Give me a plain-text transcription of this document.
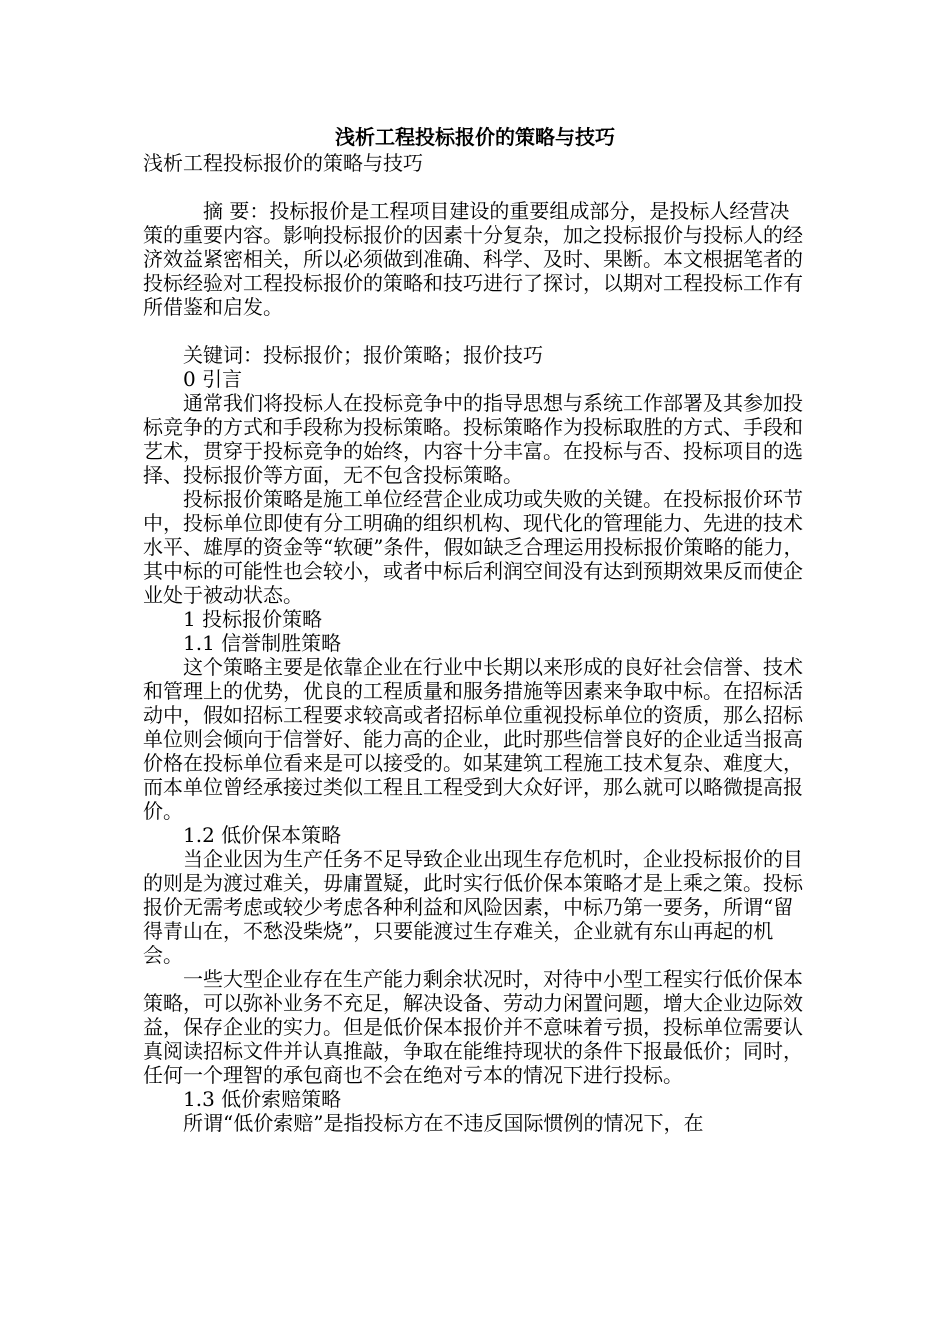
浅析工程投标报价的策略与技巧

浅析工程投标报价的策略与技巧

摘 要：投标报价是工程项目建设的重要组成部分，是投标人经营决策的重要内容。影响投标报价的因素十分复杂，加之投标报价与投标人的经济效益紧密相关，所以必须做到准确、科学、及时、果断。本文根据笔者的投标经验对工程投标报价的策略和技巧进行了探讨，以期对工程投标工作有所借鉴和启发。

关键词：投标报价；报价策略；报价技巧

0 引言

通常我们将投标人在投标竞争中的指导思想与系统工作部署及其参加投标竞争的方式和手段称为投标策略。投标策略作为投标取胜的方式、手段和艺术，贯穿于投标竞争的始终，内容十分丰富。在投标与否、投标项目的选择、投标报价等方面，无不包含投标策略。

投标报价策略是施工单位经营企业成功或失败的关键。在投标报价环节中，投标单位即使有分工明确的组织机构、现代化的管理能力、先进的技术水平、雄厚的资金等“软硬”条件，假如缺乏合理运用投标报价策略的能力，其中标的可能性也会较小，或者中标后利润空间没有达到预期效果反而使企业处于被动状态。

1 投标报价策略

1.1 信誉制胜策略

这个策略主要是依靠企业在行业中长期以来形成的良好社会信誉、技术和管理上的优势，优良的工程质量和服务措施等因素来争取中标。在招标活动中，假如招标工程要求较高或者招标单位重视投标单位的资质，那么招标单位则会倾向于信誉好、能力高的企业，此时那些信誉良好的企业适当报高价格在投标单位看来是可以接受的。如某建筑工程施工技术复杂、难度大，而本单位曾经承接过类似工程且工程受到大众好评，那么就可以略微提高报价。

1.2 低价保本策略

当企业因为生产任务不足导致企业出现生存危机时，企业投标报价的目的则是为渡过难关，毋庸置疑，此时实行低价保本策略才是上乘之策。投标报价无需考虑或较少考虑各种利益和风险因素，中标乃第一要务，所谓“留得青山在，不愁没柴烧”，只要能渡过生存难关，企业就有东山再起的机会。

一些大型企业存在生产能力剩余状况时，对待中小型工程实行低价保本策略，可以弥补业务不充足，解决设备、劳动力闲置问题，增大企业边际效益，保存企业的实力。但是低价保本报价并不意味着亏损，投标单位需要认真阅读招标文件并认真推敲，争取在能维持现状的条件下报最低价；同时，任何一个理智的承包商也不会在绝对亏本的情况下进行投标。

1.3 低价索赔策略

所谓“低价索赔”是指投标方在不违反国际惯例的情况下，在
